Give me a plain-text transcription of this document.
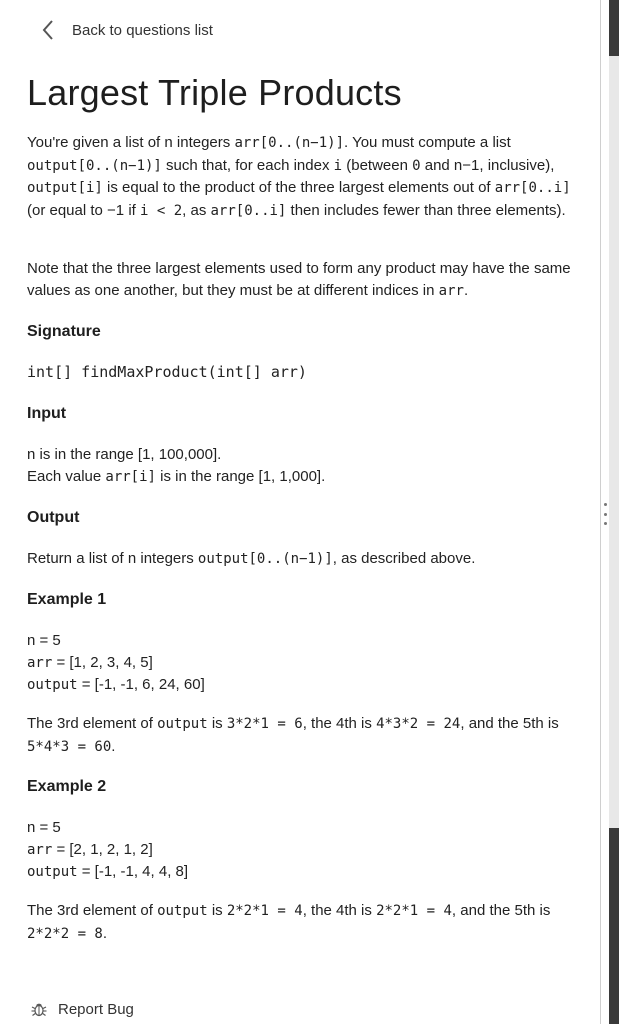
Back to questions list
Largest Triple Products
You're given a list of n integers arr[0..(n−1)]. You must compute a list output[0..(n−1)] such that, for each index i (between 0 and n−1, inclusive), output[i] is equal to the product of the three largest elements out of arr[0..i] (or equal to −1 if i < 2, as arr[0..i] then includes fewer than three elements).
Note that the three largest elements used to form any product may have the same values as one another, but they must be at different indices in arr.
Signature
int[] findMaxProduct(int[] arr)
Input
n is in the range [1, 100,000].
Each value arr[i] is in the range [1, 1,000].
Output
Return a list of n integers output[0..(n−1)], as described above.
Example 1
n = 5
arr = [1, 2, 3, 4, 5]
output = [-1, -1, 6, 24, 60]
The 3rd element of output is 3*2*1 = 6, the 4th is 4*3*2 = 24, and the 5th is 5*4*3 = 60.
Example 2
n = 5
arr = [2, 1, 2, 1, 2]
output = [-1, -1, 4, 4, 8]
The 3rd element of output is 2*2*1 = 4, the 4th is 2*2*1 = 4, and the 5th is 2*2*2 = 8.
Report Bug
